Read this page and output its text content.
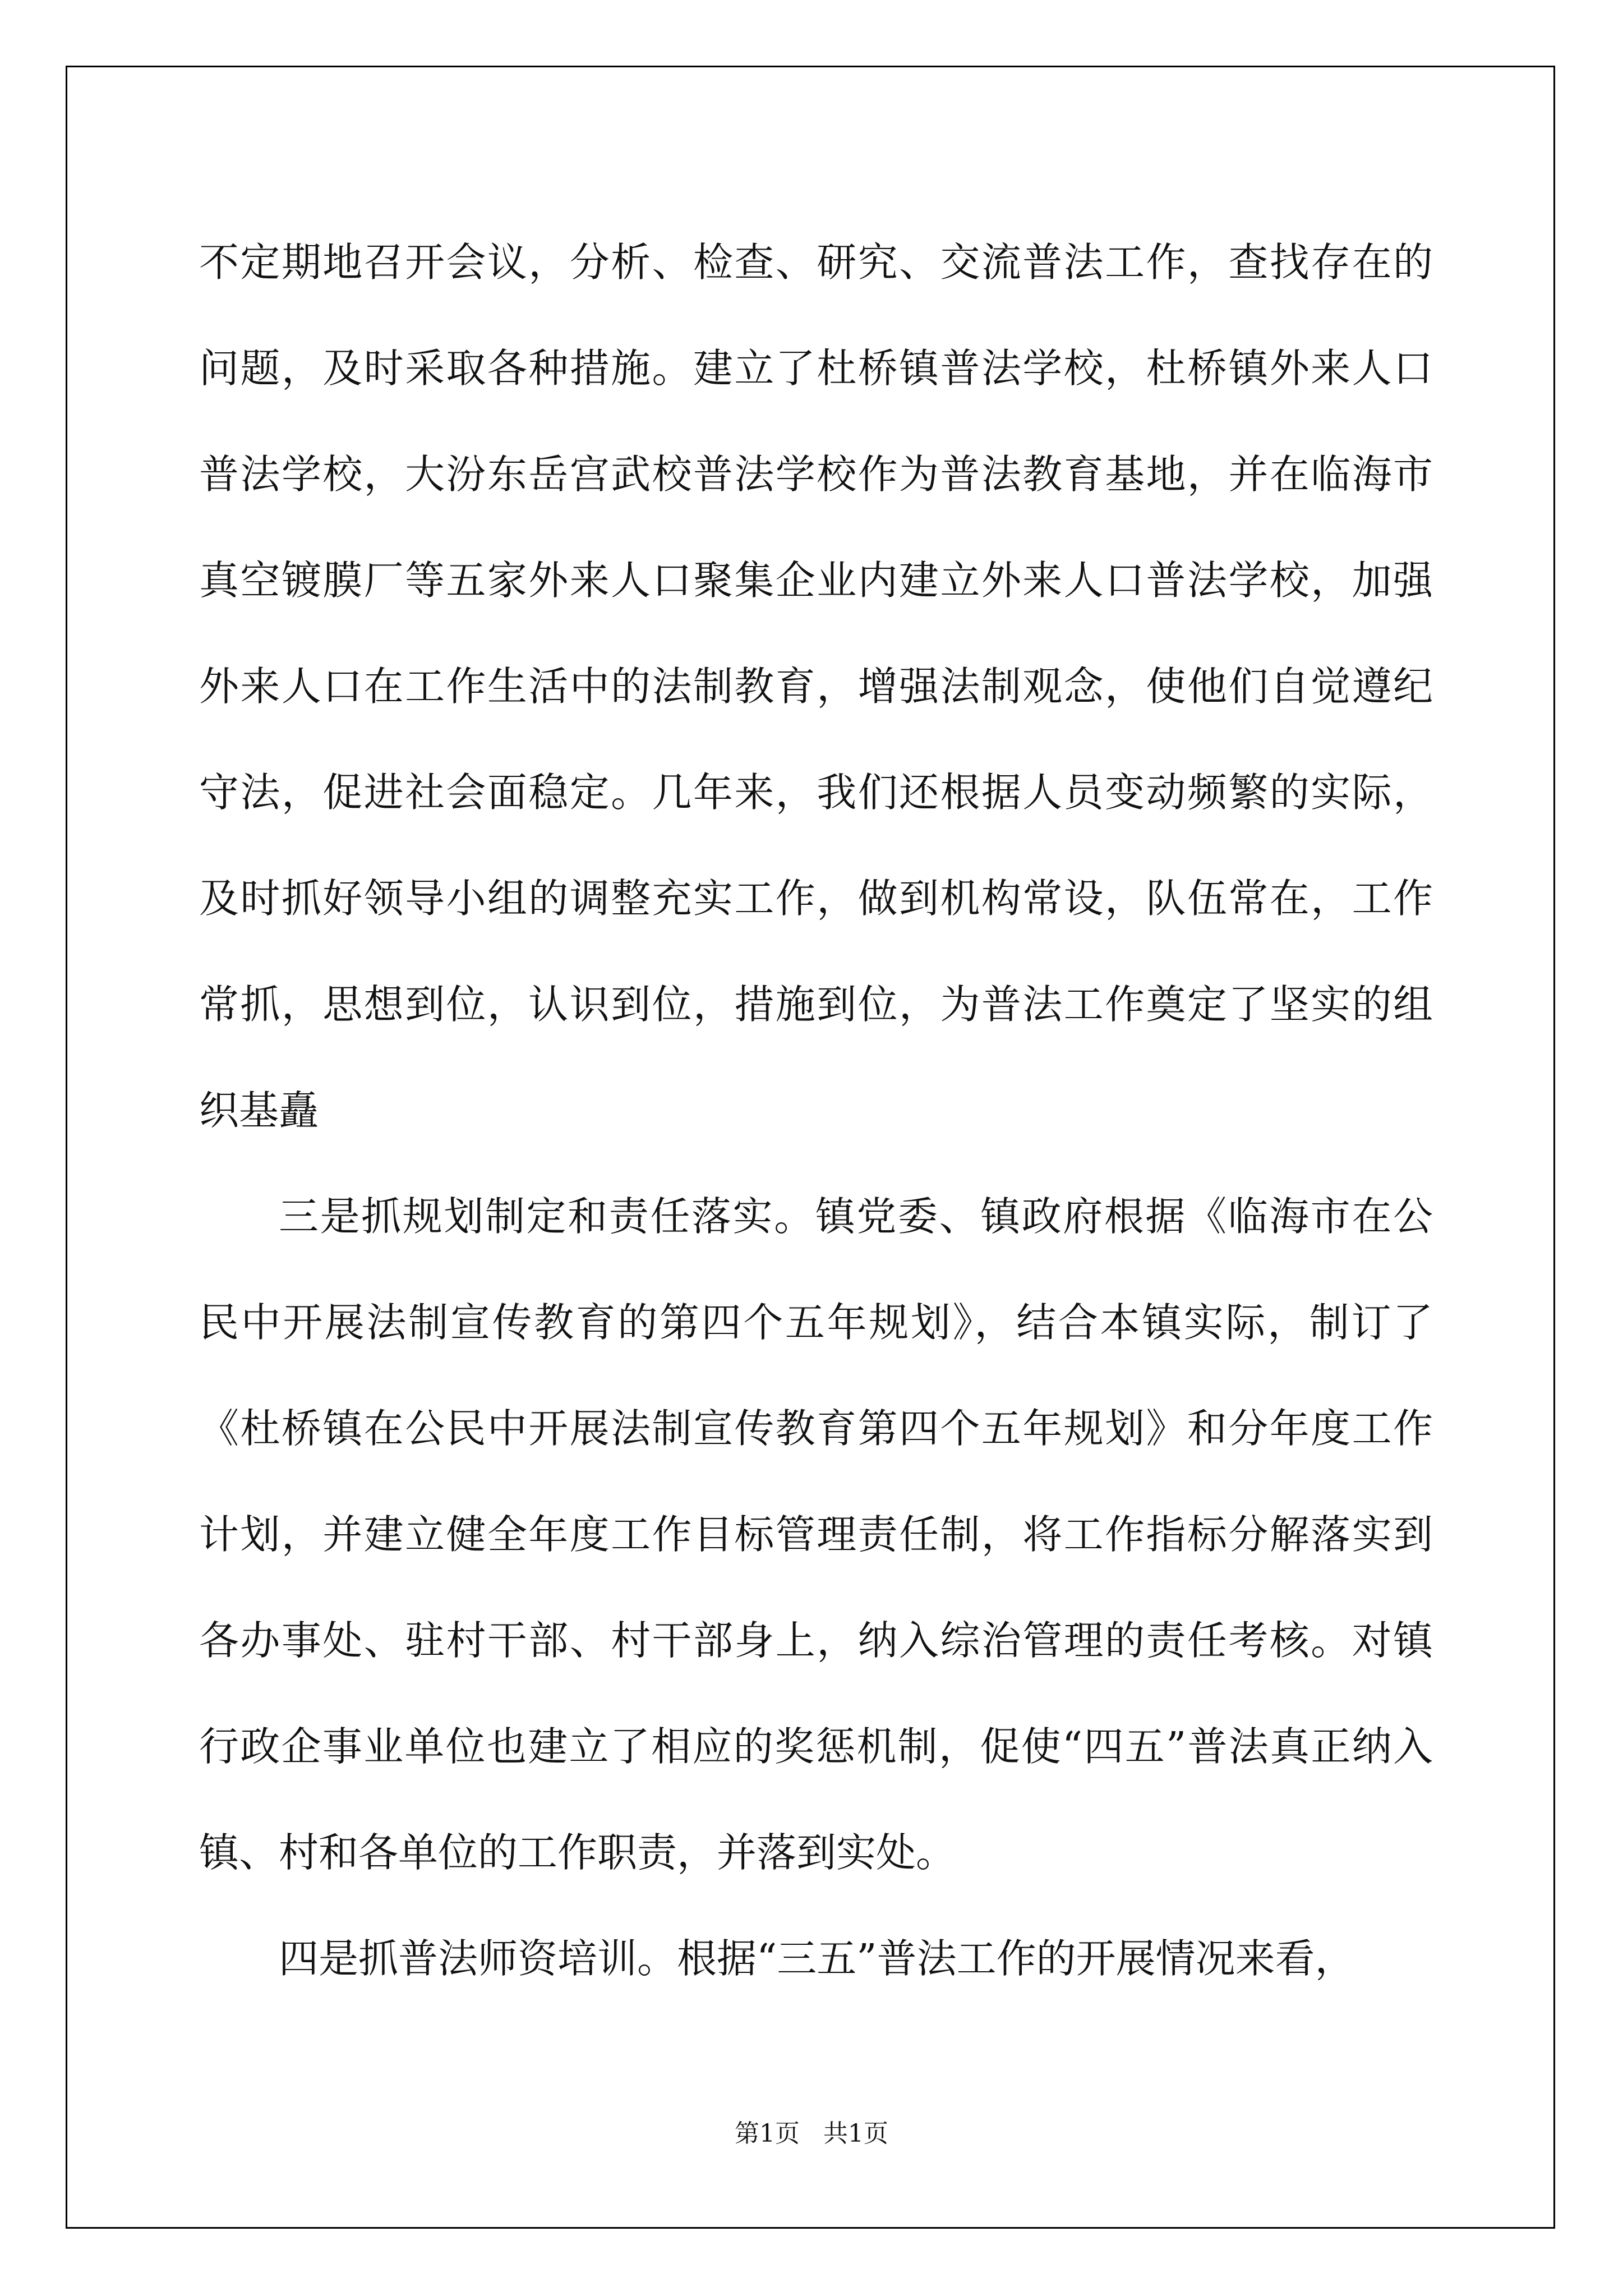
不定期地召开会议，分析、检查、研究、交流普法工作，查找存在的问题，及时采取各种措施。建立了杜桥镇普法学校，杜桥镇外来人口普法学校，大汾东岳宫武校普法学校作为普法教育基地，并在临海市真空镀膜厂等五家外来人口聚集企业内建立外来人口普法学校，加强外来人口在工作生活中的法制教育，增强法制观念，使他们自觉遵纪守法，促进社会面稳定。几年来，我们还根据人员变动频繁的实际，及时抓好领导小组的调整充实工作，做到机构常设，队伍常在，工作常抓，思想到位，认识到位，措施到位，为普法工作奠定了坚实的组织基矗

三是抓规划制定和责任落实。镇党委、镇政府根据《临海市在公民中开展法制宣传教育的第四个五年规划》，结合本镇实际，制订了《杜桥镇在公民中开展法制宣传教育第四个五年规划》和分年度工作计划，并建立健全年度工作目标管理责任制，将工作指标分解落实到各办事处、驻村干部、村干部身上，纳入综治管理的责任考核。对镇行政企事业单位也建立了相应的奖惩机制，促使“四五”普法真正纳入镇、村和各单位的工作职责，并落到实处。

四是抓普法师资培训。根据“三五”普法工作的开展情况来看，

第1页 共1页
